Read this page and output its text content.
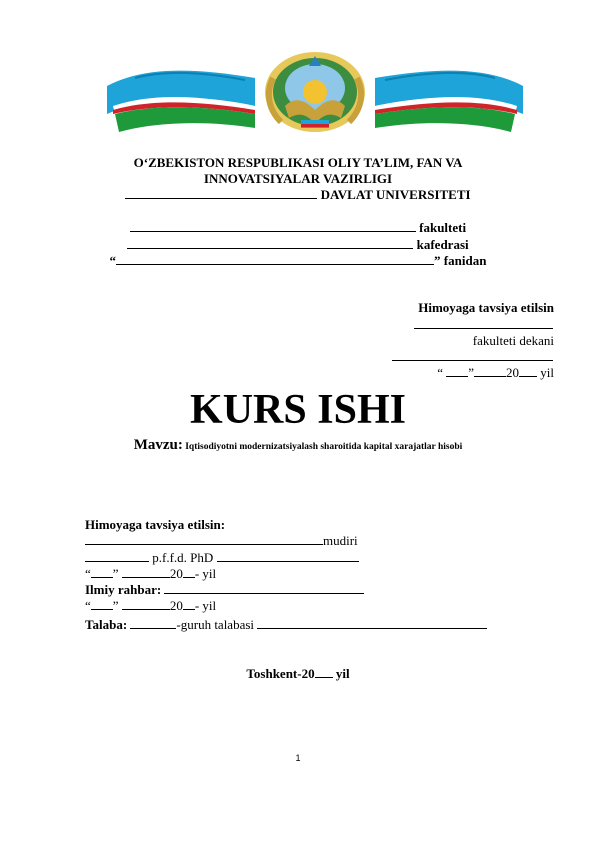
O‘ZBEKISTON RESPUBLIKASI OLIY TA’LIM, FAN VA
INNOVATSIYALAR VAZIRLIGI
DAVLAT UNIVERSITETI
fakulteti
kafedrasi
“	” fanidan
Himoyaga tavsiya etilsin
fakulteti dekani
“ ” 20 yil
KURS ISHI
Mavzu: Iqtisodiyotni modernizatsiyalash sharoitida kapital xarajatlar hisobi
Himoyaga tavsiya etilsin:
mudiri
p.f.f.d. PhD
“ ”	20 - yil
Ilmiy rahbar:
“ ”	20 - yil
Talaba:	-guruh talabasi
Toshkent-20 yil
1
